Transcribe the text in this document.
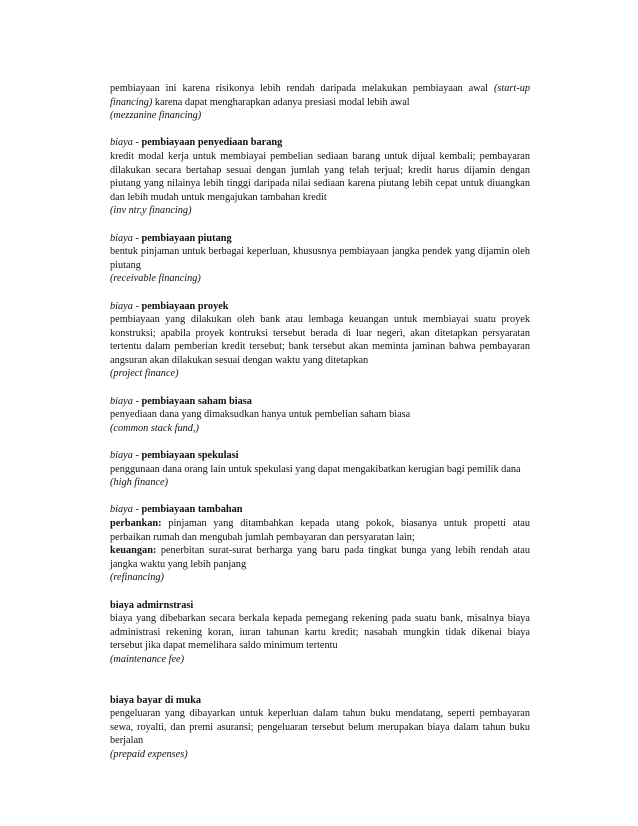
pembiayaan ini karena risikonya lebih rendah daripada melakukan pembiayaan awal (start-up financing) karena dapat mengharapkan adanya presiasi modal lebih awal
(mezzanine financing)
biaya - pembiayaan penyediaan barang
kredit modal kerja untuk membiayai pembelian sediaan barang untuk dijual kembali; pembayaran dilakukan secara bertahap sesuai dengan jumlah yang telah terjual; kredit harus dijamin dengan piutang yang nilainya lebih tinggi daripada nilai sediaan karena piutang lebih cepat untuk diuangkan dan lebih mudah untuk mengajukan tambahan kredit
(inv ntr,y financing)
biaya - pembiayaan piutang
bentuk pinjaman untuk berbagai keperluan, khususnya pembiayaan jangka pendek yang dijamin oleh piutang
(receivable financing)
biaya - pembiayaan proyek
pembiayaan yang dilakukan oleh bank atau lembaga keuangan untuk membiayai suatu proyek konstruksi; apabila proyek kontruksi tersebut berada di luar negeri, akan ditetapkan persyaratan tertentu dalam pemberian kredit tersebut; bank tersebut akan meminta jaminan bahwa pembayaran angsuran akan dilakukan sesuai dengan waktu yang ditetapkan
(project finance)
biaya - pembiayaan saham biasa
penyediaan dana yang dimaksudkan hanya untuk pembelian saham biasa
(common stack fund,)
biaya - pembiayaan spekulasi
penggunaan dana orang lain untuk spekulasi yang dapat mengakibatkan kerugian bagi pemilik dana
(high finance)
biaya - pembiayaan tambahan
perbankan: pinjaman yang ditambahkan kepada utang pokok, biasanya untuk propetti atau perbaikan rumah dan mengubah jumlah pembayaran dan persyaratan lain;
keuangan: penerbitan surat-surat berharga yang baru pada tingkat bunga yang lebih rendah atau jangka waktu yang lebih panjang
(refinancing)
biaya admirnstrasi
biaya yang dibebarkan secara berkala kepada pemegang rekening pada suatu bank, misalnya biaya administrasi rekening koran, iuran tahunan kartu kredit; nasabah mungkin tidak dikenai biaya tersebut jika dapat memelihara saldo minimum tertentu
(maintenance fee)
biaya bayar di muka
pengeluaran yang dibayarkan untuk keperluan dalam tahun buku mendatang, seperti pembayaran sewa, royalti, dan premi asuransi; pengeluaran tersebut belum merupakan biaya dalam tahun buku berjalan
(prepaid expenses)
